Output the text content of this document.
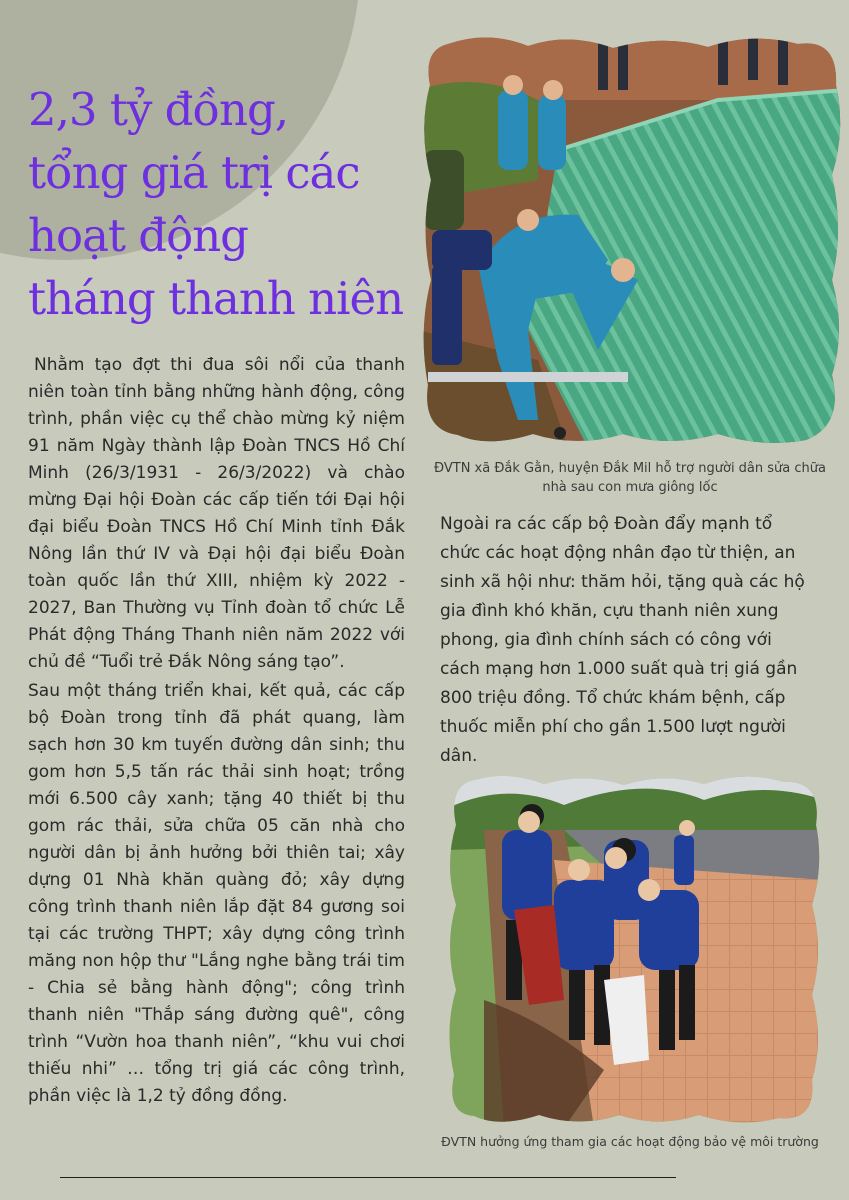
2,3 tỷ đồng,
tổng giá trị các
hoạt động
tháng thanh niên

Nhằm tạo đợt thi đua sôi nổi của thanh niên toàn tỉnh bằng những hành động, công trình, phần việc cụ thể chào mừng kỷ niệm 91 năm Ngày thành lập Đoàn TNCS Hồ Chí Minh (26/3/1931 - 26/3/2022) và chào mừng Đại hội Đoàn các cấp tiến tới Đại hội đại biểu Đoàn TNCS Hồ Chí Minh tỉnh Đắk Nông lần thứ IV và Đại hội đại biểu Đoàn toàn quốc lần thứ XIII, nhiệm kỳ 2022 - 2027, Ban Thường vụ Tỉnh đoàn tổ chức Lễ Phát động Tháng Thanh niên năm 2022 với chủ đề “Tuổi trẻ Đắk Nông sáng tạo”.

Sau một tháng triển khai, kết quả, các cấp bộ Đoàn trong tỉnh đã phát quang, làm sạch hơn 30 km tuyến đường dân sinh; thu gom hơn 5,5 tấn rác thải sinh hoạt; trồng mới 6.500 cây xanh; tặng 40 thiết bị thu gom rác thải, sửa chữa 05 căn nhà cho người dân bị ảnh hưởng bởi thiên tai; xây dựng 01 Nhà khăn quàng đỏ; xây dựng công trình thanh niên lắp đặt 84 gương soi tại các trường THPT; xây dựng công trình măng non hộp thư "Lắng nghe bằng trái tim - Chia sẻ bằng hành động"; công trình thanh niên "Thắp sáng đường quê", công trình “Vườn hoa thanh niên”, “khu vui chơi thiếu nhi” … tổng trị giá các công trình, phần việc là 1,2 tỷ đồng đồng.

ĐVTN xã Đắk Gằn, huyện Đắk Mil hỗ trợ người dân sửa chữa nhà sau con mưa giông lốc

Ngoài ra các cấp bộ Đoàn đẩy mạnh tổ chức các hoạt động nhân đạo từ thiện, an sinh xã hội như: thăm hỏi, tặng quà các hộ gia đình khó khăn, cựu thanh niên xung phong, gia đình chính sách có công với cách mạng hơn 1.000 suất quà trị giá gần 800 triệu đồng. Tổ chức khám bệnh, cấp thuốc miễn phí cho gần 1.500 lượt người dân.

ĐVTN hưởng ứng tham gia các hoạt động bảo vệ môi trường
